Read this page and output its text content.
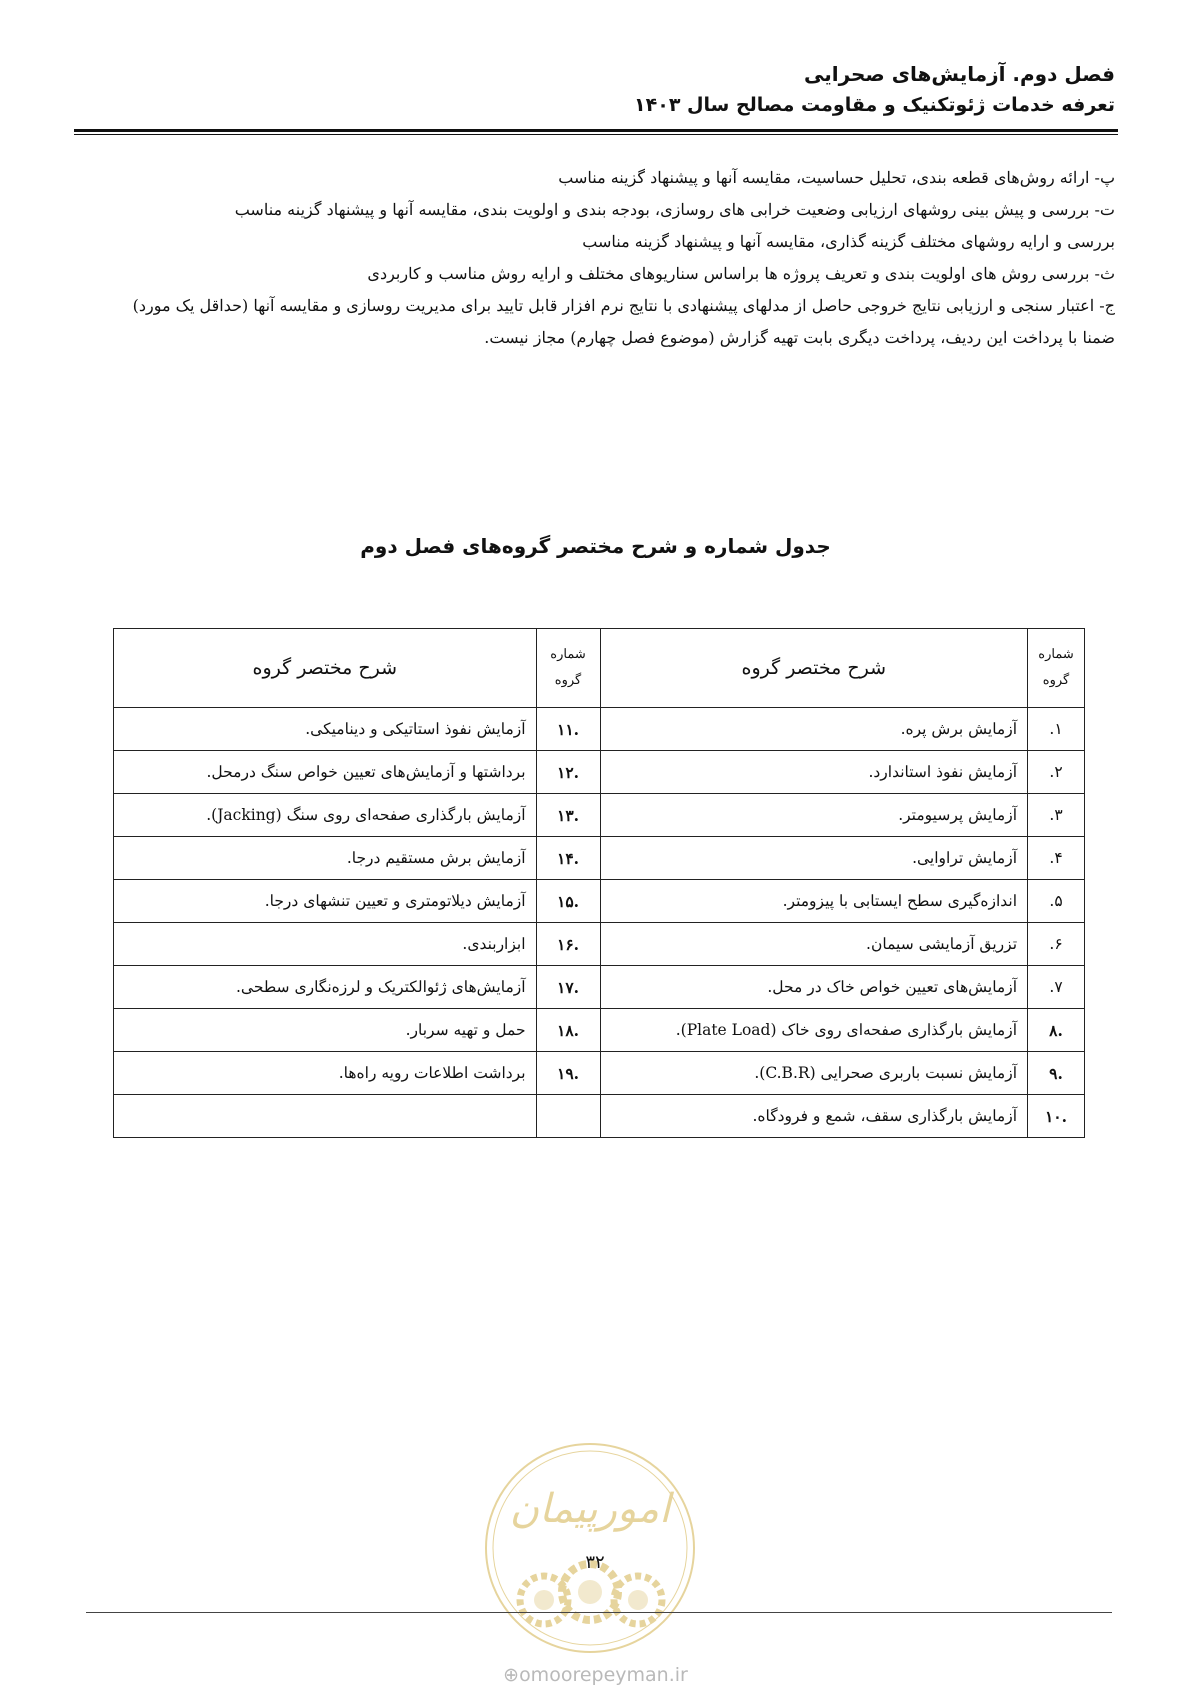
فصل دوم. آزمایش‌های صحرایی
تعرفه خدمات ژئوتکنیک و مقاومت مصالح سال ۱۴۰۳

پ- ارائه روش‌های قطعه بندی، تحلیل حساسیت، مقایسه آنها و پیشنهاد گزینه مناسب

ت- بررسی و پیش بینی روشهای ارزیابی وضعیت خرابی های روسازی، بودجه بندی و اولویت بندی، مقایسه آنها و پیشنهاد گزینه مناسب

بررسی و ارایه روشهای مختلف گزینه گذاری، مقایسه آنها و پیشنهاد گزینه مناسب

ث- بررسی روش های اولویت بندی و تعریف پروژه ها براساس سناریوهای مختلف و ارایه روش مناسب و کاربردی

ج- اعتبار سنجی و ارزیابی نتایج خروجی حاصل از مدلهای پیشنهادی با نتایج نرم افزار قابل تایید برای مدیریت روسازی و مقایسه آنها (حداقل یک مورد)

ضمنا با پرداخت این ردیف، پرداخت دیگری بابت تهیه گزارش (موضوع فصل چهارم) مجاز نیست.

جدول شماره و شرح مختصر گروه‌های فصل دوم
شماره
گروه	شرح مختصر گروه	شماره
گروه	شرح مختصر گروه
۱.	آزمایش برش پره.	.۱۱	آزمایش نفوذ استاتیکی و دینامیکی.
۲.	آزمایش نفوذ استاندارد.	.۱۲	برداشتها و آزمایش‌های تعیین خواص سنگ درمحل.
۳.	آزمایش پرسیومتر.	.۱۳	آزمایش بارگذاری صفحه‌ای روی سنگ (Jacking).
۴.	آزمایش تراوایی.	.۱۴	آزمایش برش مستقیم درجا.
۵.	اندازه‌گیری سطح ایستابی با پیزومتر.	.۱۵	آزمایش دیلاتومتری و تعیین تنشهای درجا.
۶.	تزریق آزمایشی سیمان.	.۱۶	ابزاربندی.
۷.	آزمایش‌های تعیین خواص خاک در محل.	.۱۷	آزمایش‌های ژئوالکتریک و لرزه‌نگاری سطحی.
.۸	آزمایش بارگذاری صفحه‌ای روی خاک (Plate Load).	.۱۸	حمل و تهیه سربار.
.۹	آزمایش نسبت باربری صحرایی (C.B.R).	.۱۹	برداشت اطلاعات رویه راه‌ها.
.۱۰	آزمایش بارگذاری سقف، شمع و فرودگاه.		
امورپیمان
۳۲
⊕omoorepeyman.ir
